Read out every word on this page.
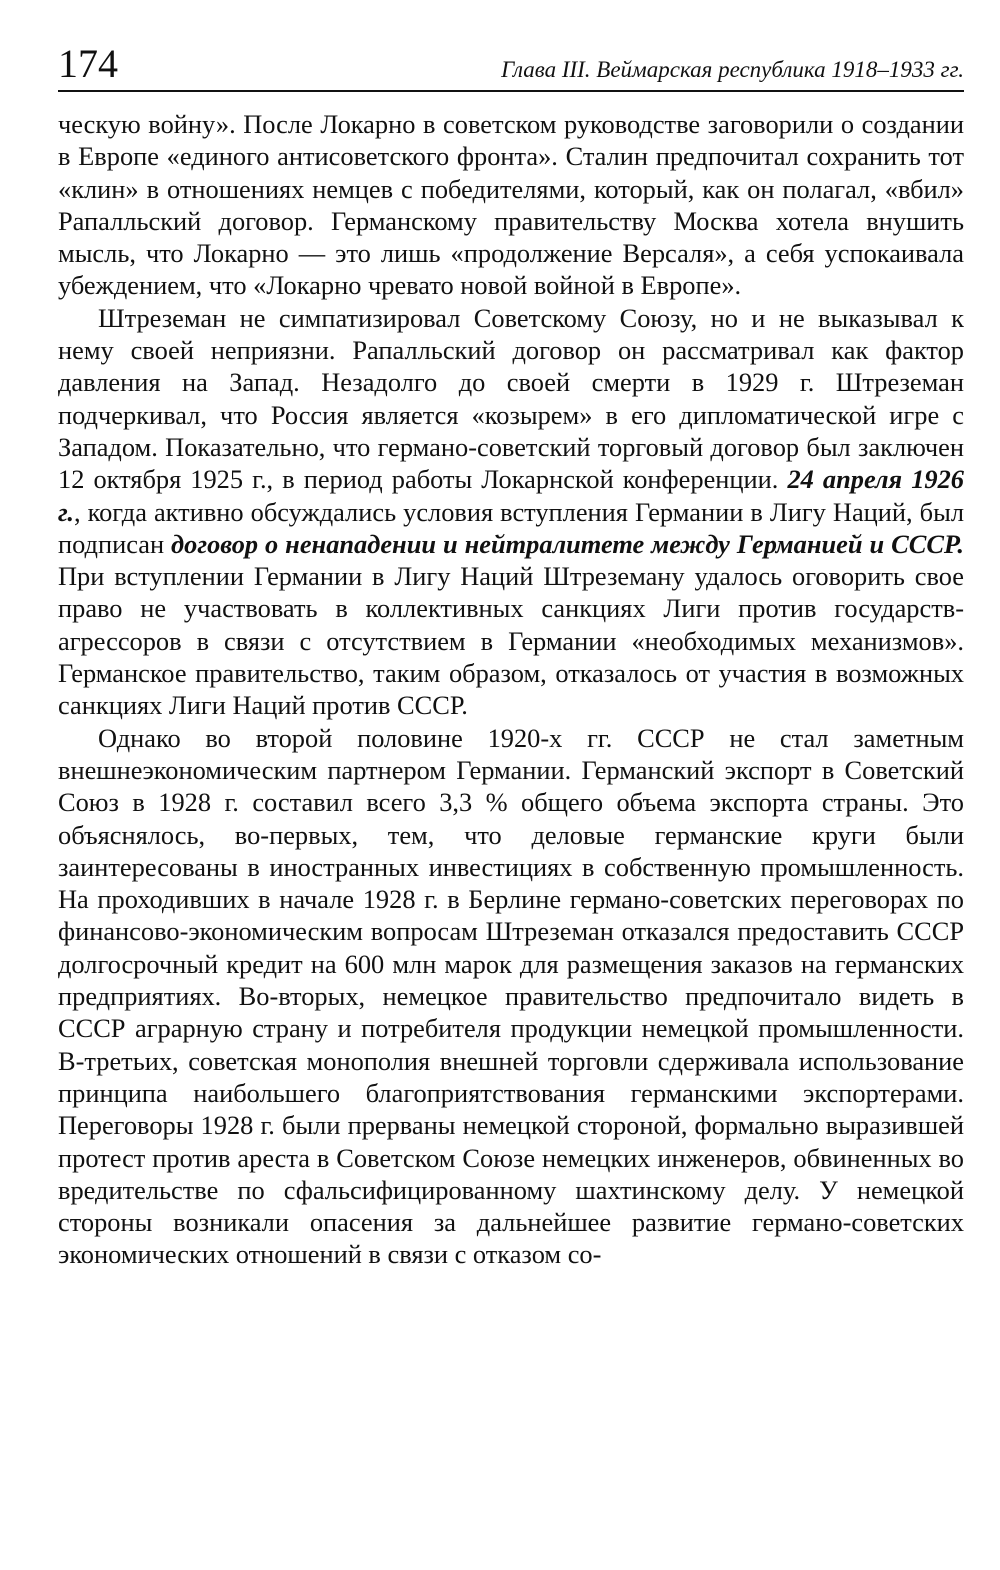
174	Глава III. Веймарская республика 1918–1933 гг.

ческую войну». После Локарно в советском руководстве заговорили о создании в Европе «единого антисоветского фронта». Сталин предпочитал сохранить тот «клин» в отношениях немцев с победителями, который, как он полагал, «вбил» Рапалльский договор. Германскому правительству Москва хотела внушить мысль, что Локарно — это лишь «продолжение Версаля», а себя успокаивала убеждением, что «Локарно чревато новой войной в Европе».

Штреземан не симпатизировал Советскому Союзу, но и не выказывал к нему своей неприязни. Рапалльский договор он рассматривал как фактор давления на Запад. Незадолго до своей смерти в 1929 г. Штреземан подчеркивал, что Россия является «козырем» в его дипломатической игре с Западом. Показательно, что германо-советский торговый договор был заключен 12 октября 1925 г., в период работы Локарнской конференции. 24 апреля 1926 г., когда активно обсуждались условия вступления Германии в Лигу Наций, был подписан договор о ненападении и нейтралитете между Германией и СССР. При вступлении Германии в Лигу Наций Штреземану удалось оговорить свое право не участвовать в коллективных санкциях Лиги против государств-агрессоров в связи с отсутствием в Германии «необходимых механизмов». Германское правительство, таким образом, отказалось от участия в возможных санкциях Лиги Наций против СССР.

Однако во второй половине 1920-х гг. СССР не стал заметным внешнеэкономическим партнером Германии. Германский экспорт в Советский Союз в 1928 г. составил всего 3,3 % общего объема экспорта страны. Это объяснялось, во-первых, тем, что деловые германские круги были заинтересованы в иностранных инвестициях в собственную промышленность. На проходивших в начале 1928 г. в Берлине германо-советских переговорах по финансово-экономическим вопросам Штреземан отказался предоставить СССР долгосрочный кредит на 600 млн марок для размещения заказов на германских предприятиях. Во-вторых, немецкое правительство предпочитало видеть в СССР аграрную страну и потребителя продукции немецкой промышленности. В-третьих, советская монополия внешней торговли сдерживала использование принципа наибольшего благоприятствования германскими экспортерами. Переговоры 1928 г. были прерваны немецкой стороной, формально выразившей протест против ареста в Советском Союзе немецких инженеров, обвиненных во вредительстве по сфальсифицированному шахтинскому делу. У немецкой стороны возникали опасения за дальнейшее развитие германо-советских экономических отношений в связи с отказом со-
